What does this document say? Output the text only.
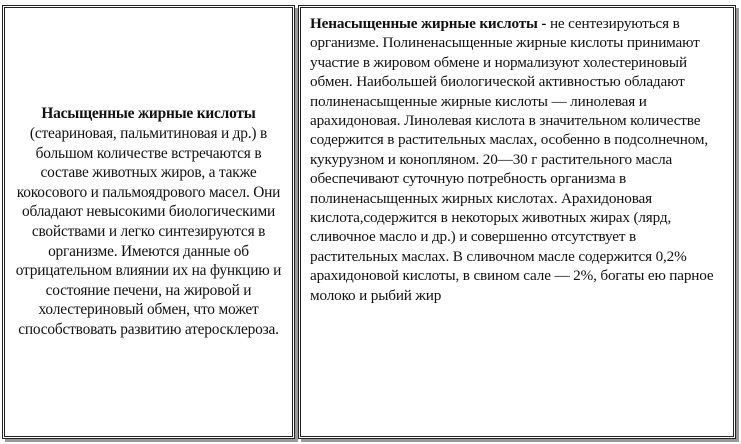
Насыщенные жирные кислоты (стеариновая, пальмитиновая и др.) в большом количестве встречаются в составе животных жиров, а также кокосового и пальмоядрового масел. Они обладают невысокими биологическими свойствами и легко синтезируются в организме. Имеются данные об отрицательном влиянии их на функцию и состояние печени, на жировой и холестериновый обмен, что может способствовать развитию атеросклероза.
Ненасыщенные жирные кислоты - не сентезируються в организме. Полиненасыщенные жирные кислоты принимают участие в жировом обмене и нормализуют холестериновый обмен. Наибольшей биологической активностью обладают полиненасыщенные жирные кислоты — линолевая и арахидоновая. Линолевая кислота в значительном количестве содержится в растительных маслах, особенно в подсолнечном, кукурузном и конопляном. 20—30 г растительного масла обеспечивают суточную потребность организма в полиненасыщенных жирных кислотах. Арахидоновая кислота,содержится в некоторых животных жирах (лярд, сливочное масло и др.) и совершенно отсутствует в растительных маслах. В сливочном масле содержится 0,2% арахидоновой кислоты, в свином сале — 2%, богаты ею парное молоко и рыбий жир
